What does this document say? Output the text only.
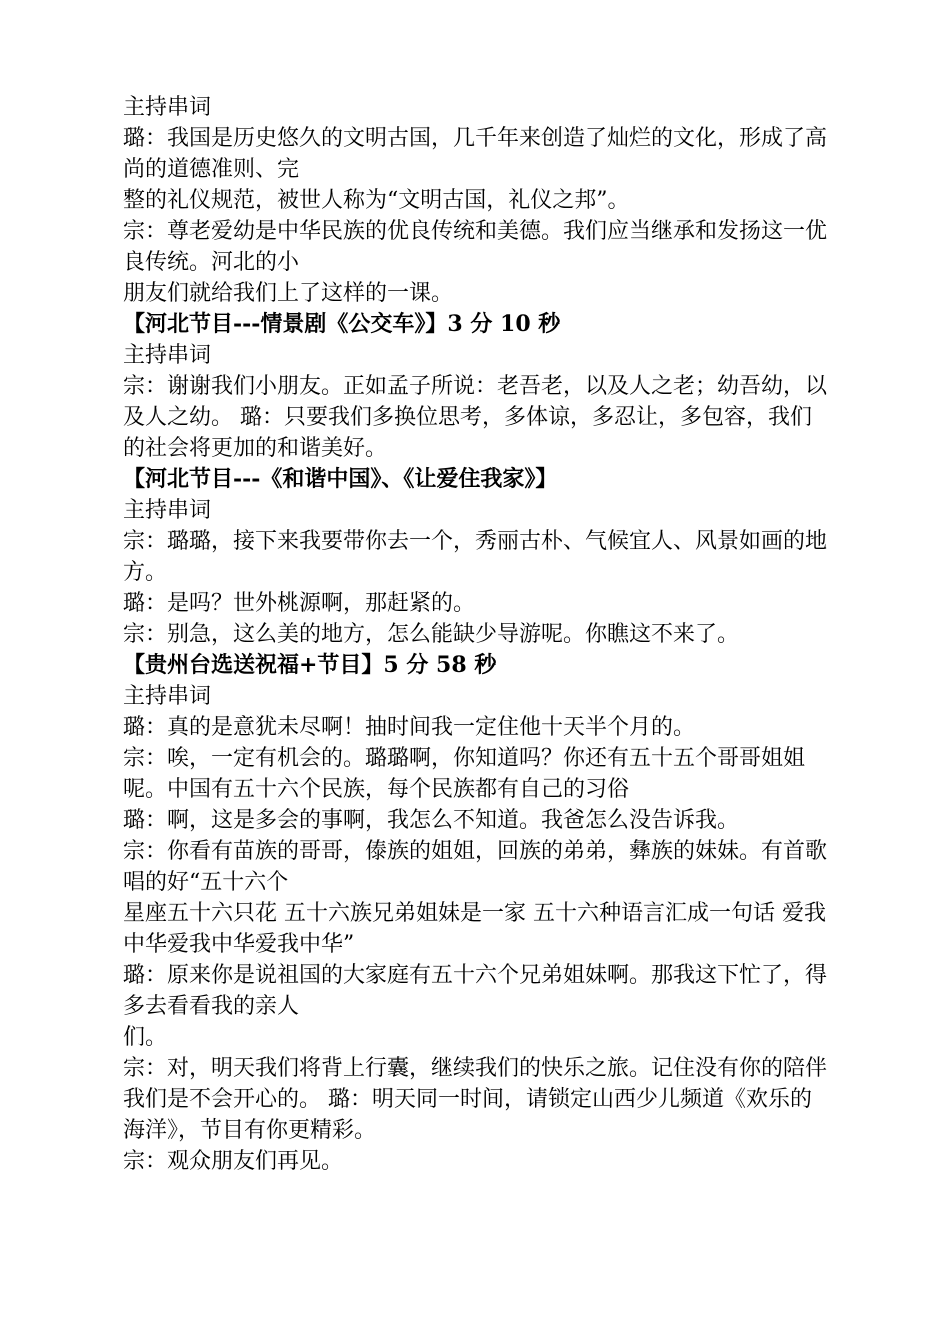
主持串词
璐：我国是历史悠久的文明古国，几千年来创造了灿烂的文化，形成了高尚的道德准则、完
整的礼仪规范，被世人称为“文明古国，礼仪之邦”。
宗：尊老爱幼是中华民族的优良传统和美德。我们应当继承和发扬这一优良传统。河北的小
朋友们就给我们上了这样的一课。
【河北节目---情景剧《公交车》】3 分 10 秒
主持串词
宗：谢谢我们小朋友。正如孟子所说：老吾老，以及人之老；幼吾幼，以及人之幼。 璐：只要我们多换位思考，多体谅，多忍让，多包容，我们的社会将更加的和谐美好。
【河北节目---《和谐中国》、《让爱住我家》】
主持串词
宗：璐璐，接下来我要带你去一个，秀丽古朴、气候宜人、风景如画的地方。
璐：是吗？世外桃源啊，那赶紧的。
宗：别急，这么美的地方，怎么能缺少导游呢。你瞧这不来了。
【贵州台选送祝福+节目】5 分 58 秒
主持串词
璐：真的是意犹未尽啊！抽时间我一定住他十天半个月的。
宗：唉，一定有机会的。璐璐啊，你知道吗？你还有五十五个哥哥姐姐呢。中国有五十六个民族，每个民族都有自己的习俗
璐：啊，这是多会的事啊，我怎么不知道。我爸怎么没告诉我。
宗：你看有苗族的哥哥，傣族的姐姐，回族的弟弟，彝族的妹妹。有首歌唱的好“五十六个
星座五十六只花 五十六族兄弟姐妹是一家 五十六种语言汇成一句话 爱我中华爱我中华爱我中华”
璐：原来你是说祖国的大家庭有五十六个兄弟姐妹啊。那我这下忙了，得多去看看我的亲人
们。
宗：对，明天我们将背上行囊，继续我们的快乐之旅。记住没有你的陪伴我们是不会开心的。 璐：明天同一时间，请锁定山西少儿频道《欢乐的海洋》，节目有你更精彩。
宗：观众朋友们再见。
